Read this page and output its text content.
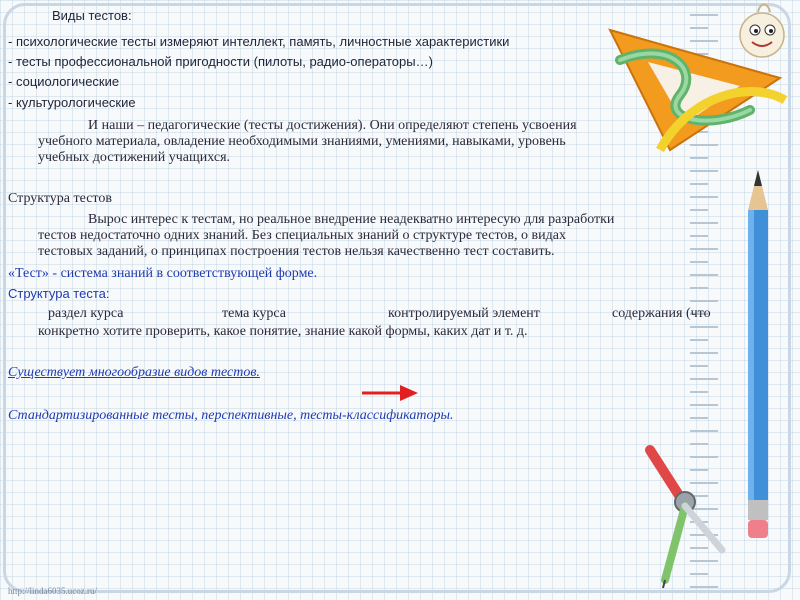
Виды тестов:
- психологические тесты измеряют интеллект, память, личностные характеристики
- тесты профессиональной пригодности (пилоты, радио-операторы…)
- социологические
- культурологические
И наши – педагогические (тесты достижения). Они определяют степень усвоения
учебного материала, овладение необходимыми знаниями, умениями, навыками, уровень
учебных достижений учащихся.
Структура тестов
Вырос интерес к тестам, но реальное внедрение неадекватно интересую для разработки
тестов недостаточно одних знаний. Без специальных знаний о структуре тестов, о видах
тестовых заданий, о принципах построения тестов нельзя качественно тест составить.
«Тест» - система знаний в соответствующей форме.
Структура теста:
раздел курса	тема курса	контролируемый элемент	содержания (что
конкретно хотите проверить, какое понятие, знание какой формы, каких дат и т. д.
Существует многообразие видов тестов.
Стандартизированные тесты, перспективные, тесты-классификаторы.
http://linda6035.ucoz.ru/
